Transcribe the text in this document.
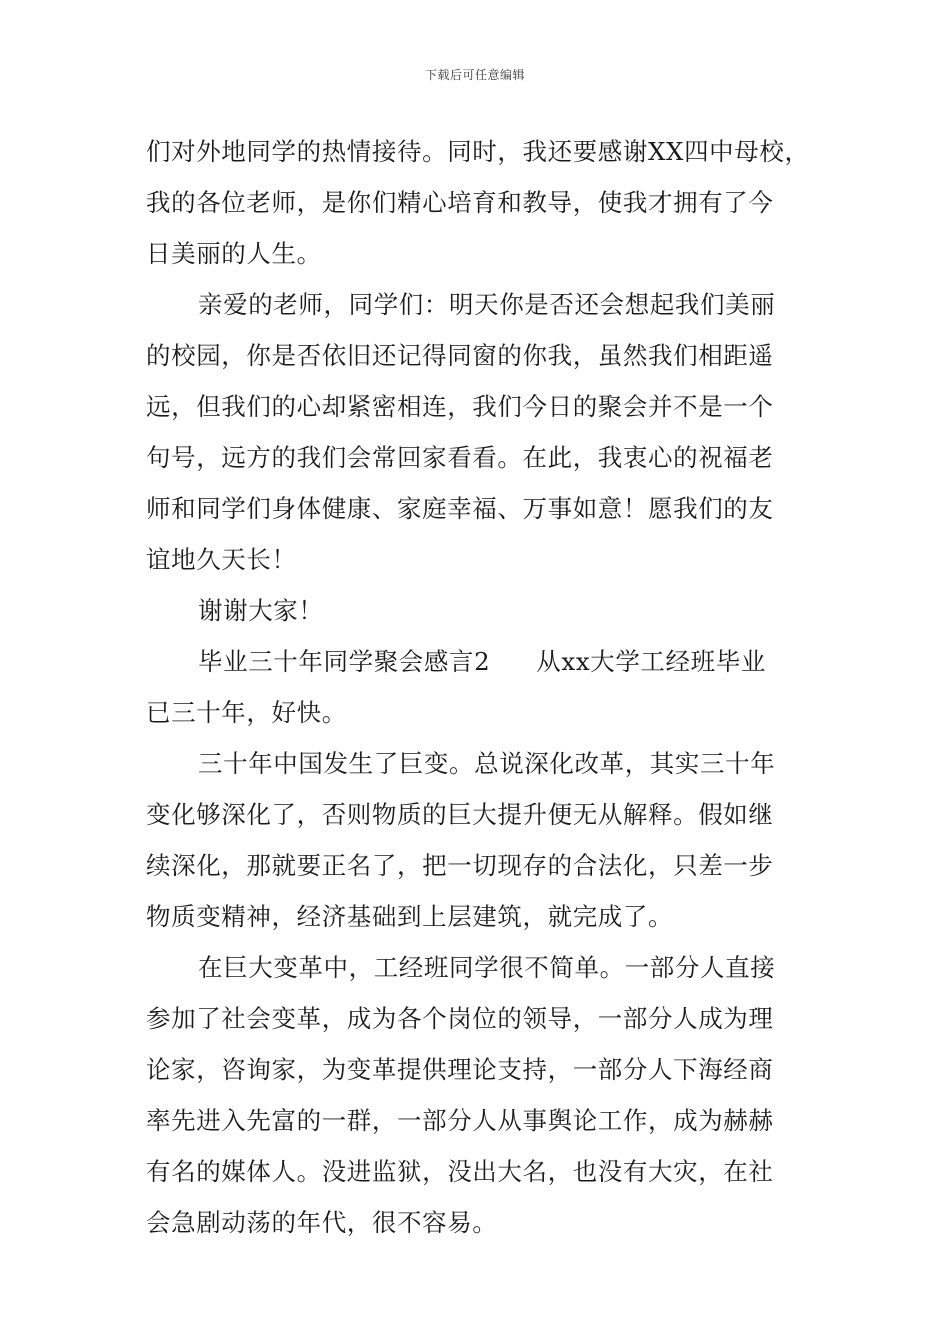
下载后可任意编辑
们对外地同学的热情接待。同时，我还要感谢XX四中母校，
我的各位老师，是你们精心培育和教导，使我才拥有了今
日美丽的人生。
亲爱的老师，同学们：明天你是否还会想起我们美丽
的校园，你是否依旧还记得同窗的你我，虽然我们相距遥
远，但我们的心却紧密相连，我们今日的聚会并不是一个
句号，远方的我们会常回家看看。在此，我衷心的祝福老
师和同学们身体健康、家庭幸福、万事如意！愿我们的友
谊地久天长！
谢谢大家！
毕业三十年同学聚会感言2 从xx大学工经班毕业
已三十年，好快。
三十年中国发生了巨变。总说深化改革，其实三十年
变化够深化了，否则物质的巨大提升便无从解释。假如继
续深化，那就要正名了，把一切现存的合法化，只差一步
物质变精神，经济基础到上层建筑，就完成了。
在巨大变革中，工经班同学很不简单。一部分人直接
参加了社会变革，成为各个岗位的领导，一部分人成为理
论家，咨询家，为变革提供理论支持，一部分人下海经商
率先进入先富的一群，一部分人从事舆论工作，成为赫赫
有名的媒体人。没进监狱，没出大名，也没有大灾，在社
会急剧动荡的年代，很不容易。
